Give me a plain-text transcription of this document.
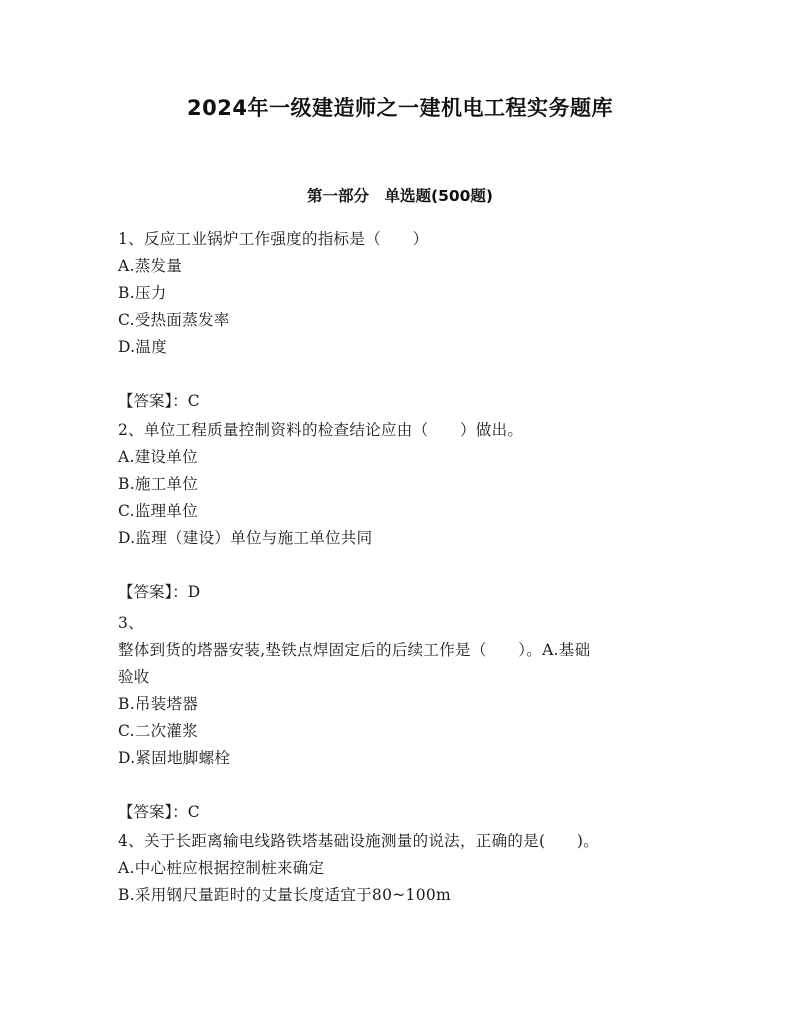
2024年一级建造师之一建机电工程实务题库
第一部分　单选题(500题)
1、反应工业锅炉工作强度的指标是（　　）
A.蒸发量
B.压力
C.受热面蒸发率
D.温度
【答案】：C
2、单位工程质量控制资料的检查结论应由（　　）做出。
A.建设单位
B.施工单位
C.监理单位
D.监理（建设）单位与施工单位共同
【答案】：D
3、
整体到货的塔器安装,垫铁点焊固定后的后续工作是（　　）。A.基础
验收
B.吊装塔器
C.二次灌浆
D.紧固地脚螺栓
【答案】：C
4、关于长距离输电线路铁塔基础设施测量的说法，正确的是(　　)。
A.中心桩应根据控制桩来确定
B.采用钢尺量距时的丈量长度适宜于80~100m
